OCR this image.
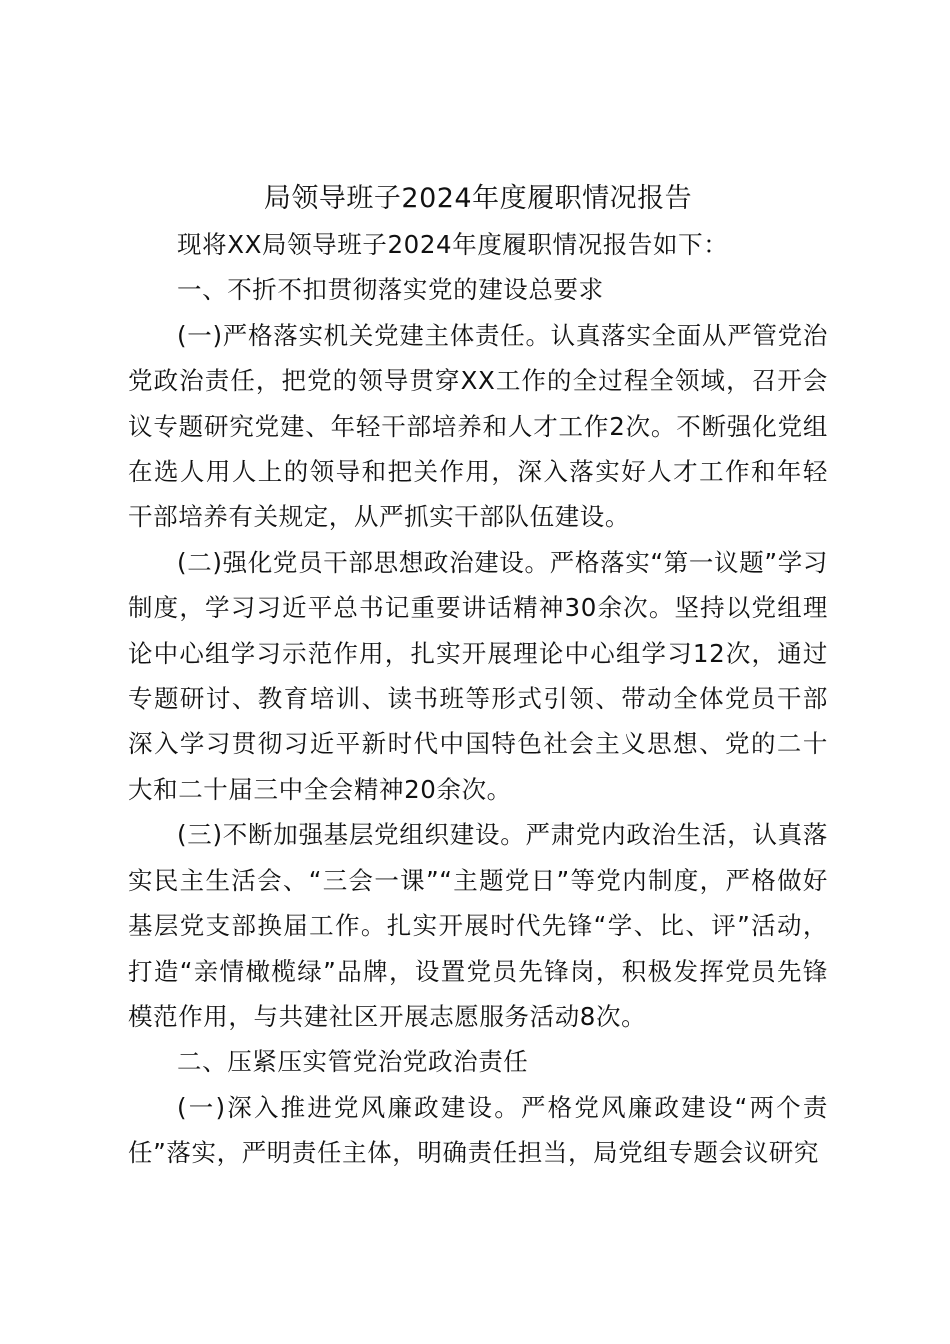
局领导班子2024年度履职情况报告

现将XX局领导班子2024年度履职情况报告如下：

一、不折不扣贯彻落实党的建设总要求

(一)严格落实机关党建主体责任。认真落实全面从严管党治党政治责任，把党的领导贯穿XX工作的全过程全领域，召开会议专题研究党建、年轻干部培养和人才工作2次。不断强化党组在选人用人上的领导和把关作用，深入落实好人才工作和年轻干部培养有关规定，从严抓实干部队伍建设。

(二)强化党员干部思想政治建设。严格落实“第一议题”学习制度，学习习近平总书记重要讲话精神30余次。坚持以党组理论中心组学习示范作用，扎实开展理论中心组学习12次，通过专题研讨、教育培训、读书班等形式引领、带动全体党员干部深入学习贯彻习近平新时代中国特色社会主义思想、党的二十大和二十届三中全会精神20余次。

(三)不断加强基层党组织建设。严肃党内政治生活，认真落实民主生活会、“三会一课”“主题党日”等党内制度，严格做好基层党支部换届工作。扎实开展时代先锋“学、比、评”活动，打造“亲情橄榄绿”品牌，设置党员先锋岗，积极发挥党员先锋模范作用，与共建社区开展志愿服务活动8次。

二、压紧压实管党治党政治责任

(一)深入推进党风廉政建设。严格党风廉政建设“两个责任”落实，严明责任主体，明确责任担当，局党组专题会议研究
